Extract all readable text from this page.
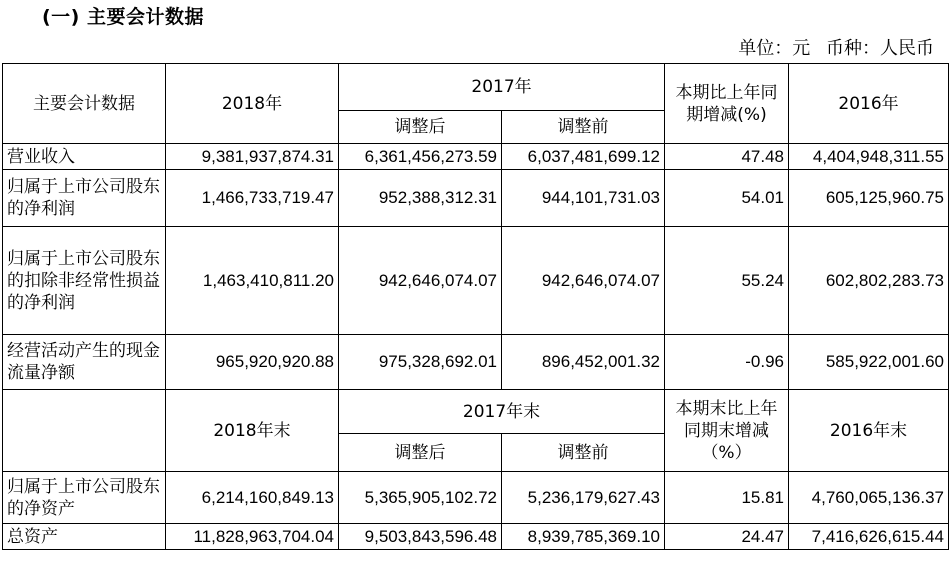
(一) 主要会计数据
单位：元 币种：人民币
主要会计数据	2018年	2017年		本期比上年同期增减(%)	2016年
		调整后	调整前		
营业收入	9,381,937,874.31	6,361,456,273.59	6,037,481,699.12	47.48	4,404,948,311.55
归属于上市公司股东的净利润	1,466,733,719.47	952,388,312.31	944,101,731.03	54.01	605,125,960.75
归属于上市公司股东的扣除非经常性损益的净利润	1,463,410,811.20	942,646,074.07	942,646,074.07	55.24	602,802,283.73
经营活动产生的现金流量净额	965,920,920.88	975,328,692.01	896,452,001.32	-0.96	585,922,001.60
	2018年末	2017年末		本期末比上年同期末增减（%）	2016年末
		调整后	调整前		
归属于上市公司股东的净资产	6,214,160,849.13	5,365,905,102.72	5,236,179,627.43	15.81	4,760,065,136.37
总资产	11,828,963,704.04	9,503,843,596.48	8,939,785,369.10	24.47	7,416,626,615.44
